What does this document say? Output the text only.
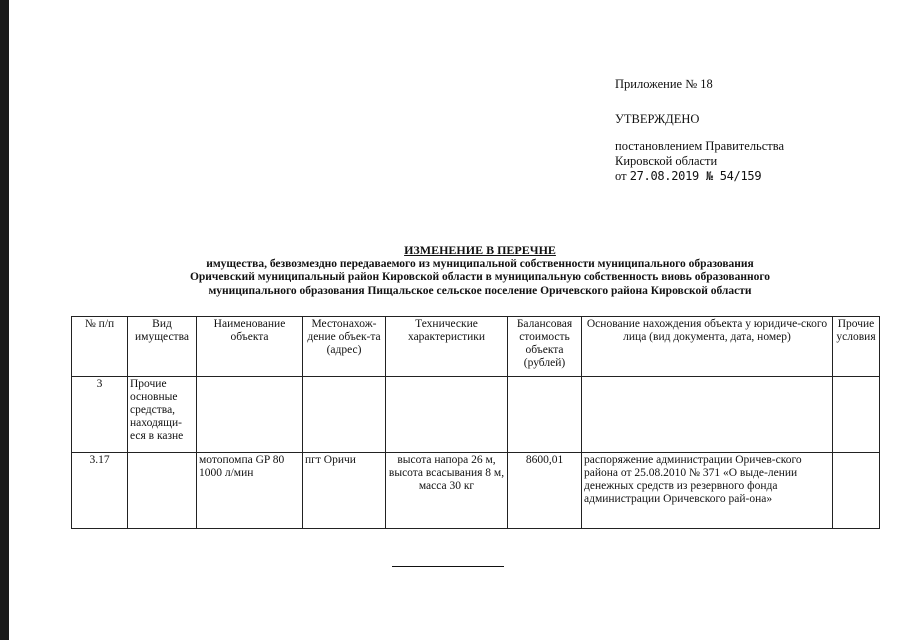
Приложение № 18
УТВЕРЖДЕНО
постановлением Правительства
Кировской области
от 27.08.2019 № 54/159
ИЗМЕНЕНИЕ В ПЕРЕЧНЕ
имущества, безвозмездно передаваемого из муниципальной собственности муниципального образования
Оричевский муниципальный район Кировской области в муниципальную собственность виовь образованного
муниципального образования Пищальское сельское поселение Оричевского района Кировской области
№ п/п	Вид имущества	Наименование объекта	Местонахож-дение объек-та (адрес)	Технические характеристики	Балансовая стоимость объекта (рублей)	Основание нахождения объекта у юридиче-ского лица (вид документа, дата, номер)	Прочие условия
3	Прочие основные средства, находящи-еся в казне						
3.17		мотопомпа GP 80 1000 л/мин	пгт Оричи	высота напора 26 м, высота всасывания 8 м, масса 30 кг	8600,01	распоряжение администрации Оричев-ского района от 25.08.2010 № 371 «О выде-лении денежных средств из резервного фонда администрации Оричевского рай-она»	
